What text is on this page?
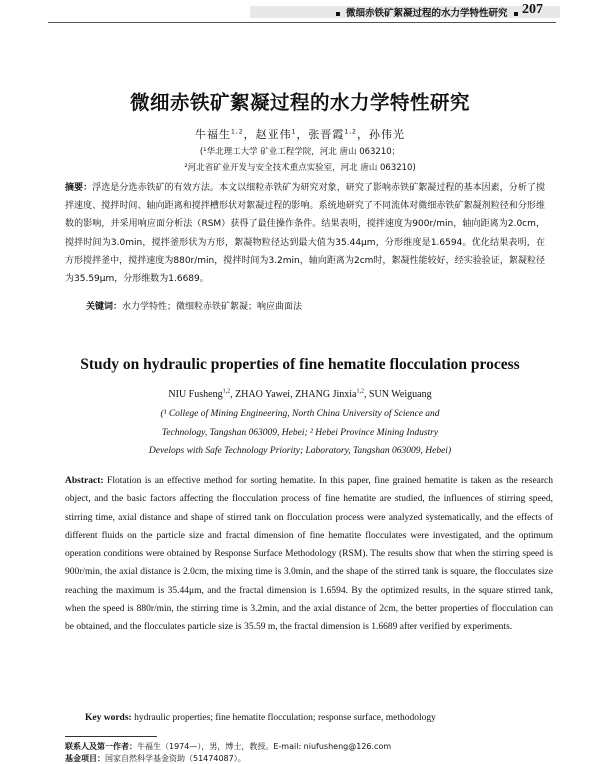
微细赤铁矿絮凝过程的水力学特性研究	207
微细赤铁矿絮凝过程的水力学特性研究
牛福生$^{1,2}$，赵亚伟$^1$，张晋霞$^{1,2}$，孙伟光
(¹华北理工大学 矿业工程学院，河北 唐山 063210；
²河北省矿业开发与安全技术重点实验室，河北 唐山 063210)
摘要：浮选是分选赤铁矿的有效方法。本文以细粒赤铁矿为研究对象，研究了影响赤铁矿絮凝过程的基本因素，分析了搅拌速度、搅拌时间、轴向距离和搅拌槽形状对絮凝过程的影响。系统地研究了不同流体对微细赤铁矿絮凝剂粒径和分形维数的影响，并采用响应面分析法（RSM）获得了最佳操作条件。结果表明，搅拌速度为900r/min，轴向距离为2.0cm，搅拌时间为3.0min，搅拌釜形状为方形，絮凝物粒径达到最大值为35.44μm，分形维度是1.6594。优化结果表明，在方形搅拌釜中，搅拌速度为880r/min，搅拌时间为3.2min，轴向距离为2cm时，絮凝性能较好，经实验验证，絮凝粒径为35.59μm，分形维数为1.6689。
关键词：水力学特性；微细粒赤铁矿絮凝；响应曲面法
Study on hydraulic properties of fine hematite flocculation process
NIU Fusheng$^{1,2}$, ZHAO Yawei, ZHANG Jinxia$^{1,2}$, SUN Weiguang
(¹ College of Mining Engineering, North China University of Science and
Technology, Tangshan 063009, Hebei; ² Hebei Province Mining Industry
Develops with Safe Technology Priority; Laboratory, Tangshan 063009, Hebei)
Abstract: Flotation is an effective method for sorting hematite. In this paper, fine grained hematite is taken as the research object, and the basic factors affecting the flocculation process of fine hematite are studied, the influences of stirring speed, stirring time, axial distance and shape of stirred tank on flocculation process were analyzed systematically, and the effects of different fluids on the particle size and fractal dimension of fine hematite flocculates were investigated, and the optimum operation conditions were obtained by Response Surface Methodology (RSM). The results show that when the stirring speed is 900r/min, the axial distance is 2.0cm, the mixing time is 3.0min, and the shape of the stirred tank is square, the flocculates size reaching the maximum is 35.44μm, and the fractal dimension is 1.6594. By the optimized results, in the square stirred tank, when the speed is 880r/min, the stirring time is 3.2min, and the axial distance of 2cm, the better properties of flocculation can be obtained, and the flocculates particle size is 35.59 m, the fractal dimension is 1.6689 after verified by experiments.
Key words: hydraulic properties; fine hematite flocculation; response surface, methodology
联系人及第一作者：牛福生（1974—），男，博士，教授。E-mail: niufusheng@126.com
基金项目：国家自然科学基金资助（51474087）。
